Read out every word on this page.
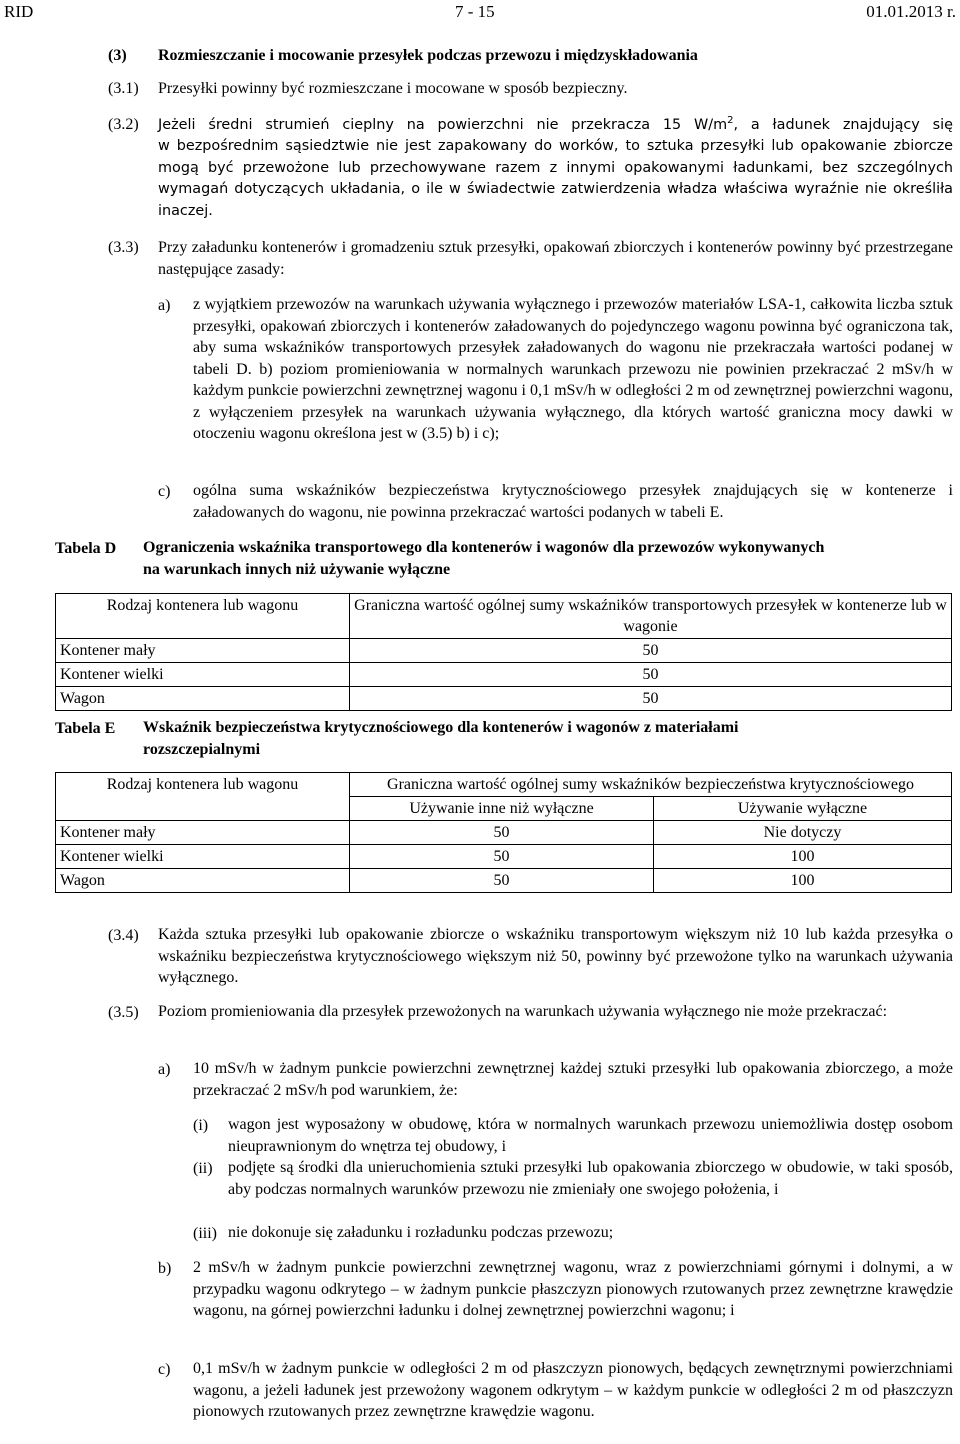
RID	7 - 15	01.01.2013 r.
(3) Rozmieszczanie i mocowanie przesyłek podczas przewozu i międzyskładowania
(3.1) Przesyłki powinny być rozmieszczane i mocowane w sposób bezpieczny.
(3.2) Jeżeli średni strumień cieplny na powierzchni nie przekracza 15 $W/m^2$, a ładunek znajdujący się
w bezpośrednim sąsiedztwie nie jest zapakowany do worków, to sztuka przesyłki lub opakowanie zbiorcze mogą być przewożone lub przechowywane razem z innymi opakowanymi ładunkami, bez szczególnych wymagań dotyczących układania, o ile w świadectwie zatwierdzenia władza właściwa wyraźnie nie określiła inaczej.
(3.3) Przy załadunku kontenerów i gromadzeniu sztuk przesyłki, opakowań zbiorczych i kontenerów powinny być przestrzegane następujące zasady:
a) z wyjątkiem przewozów na warunkach używania wyłącznego i przewozów materiałów LSA-1, całkowita liczba sztuk przesyłki, opakowań zbiorczych i kontenerów załadowanych do pojedynczego wagonu powinna być ograniczona tak, aby suma wskaźników transportowych przesyłek załadowanych do wagonu nie przekraczała wartości podanej w tabeli D. b) poziom promieniowania w normalnych warunkach przewozu nie powinien przekraczać 2 mSv/h w każdym punkcie powierzchni zewnętrznej wagonu i 0,1 mSv/h w odległości 2 m od zewnętrznej powierzchni wagonu, z wyłączeniem przesyłek na warunkach używania wyłącznego, dla których wartość graniczna mocy dawki w otoczeniu wagonu określona jest w (3.5) b) i c);
c) ogólna suma wskaźników bezpieczeństwa krytycznościowego przesyłek znajdujących się w kontenerze i załadowanych do wagonu, nie powinna przekraczać wartości podanych w tabeli E.
Tabela D Ograniczenia wskaźnika transportowego dla kontenerów i wagonów dla przewozów wykonywanych na warunkach innych niż używanie wyłączne
Rodzaj kontenera lub wagonu	Graniczna wartość ogólnej sumy wskaźników transportowych przesyłek w kontenerze lub w wagonie
Kontener mały	50
Kontener wielki	50
Wagon	50
Tabela E Wskaźnik bezpieczeństwa krytycznościowego dla kontenerów i wagonów z materiałami rozszczepialnymi
Rodzaj kontenera lub wagonu	Graniczna wartość ogólnej sumy wskaźników bezpieczeństwa krytycznościowego	
	Używanie inne niż wyłączne	Używanie wyłączne
Kontener mały	50	Nie dotyczy
Kontener wielki	50	100
Wagon	50	100
(3.4) Każda sztuka przesyłki lub opakowanie zbiorcze o wskaźniku transportowym większym niż 10 lub każda przesyłka o wskaźniku bezpieczeństwa krytycznościowego większym niż 50, powinny być przewożone tylko na warunkach używania wyłącznego.
(3.5) Poziom promieniowania dla przesyłek przewożonych na warunkach używania wyłącznego nie może przekraczać:
a) 10 mSv/h w żadnym punkcie powierzchni zewnętrznej każdej sztuki przesyłki lub opakowania zbiorczego, a może przekraczać 2 mSv/h pod warunkiem, że:
(i) wagon jest wyposażony w obudowę, która w normalnych warunkach przewozu uniemożliwia dostęp osobom nieuprawnionym do wnętrza tej obudowy, i
(ii) podjęte są środki dla unieruchomienia sztuki przesyłki lub opakowania zbiorczego w obudowie, w taki sposób, aby podczas normalnych warunków przewozu nie zmieniały one swojego położenia, i
(iii) nie dokonuje się załadunku i rozładunku podczas przewozu;
b) 2 mSv/h w żadnym punkcie powierzchni zewnętrznej wagonu, wraz z powierzchniami górnymi i dolnymi, a w przypadku wagonu odkrytego – w żadnym punkcie płaszczyzn pionowych rzutowanych przez zewnętrzne krawędzie wagonu, na górnej powierzchni ładunku i dolnej zewnętrznej powierzchni wagonu; i
c) 0,1 mSv/h w żadnym punkcie w odległości 2 m od płaszczyzn pionowych, będących zewnętrznymi powierzchniami wagonu, a jeżeli ładunek jest przewożony wagonem odkrytym – w każdym punkcie w odległości 2 m od płaszczyzn pionowych rzutowanych przez zewnętrzne krawędzie wagonu.
